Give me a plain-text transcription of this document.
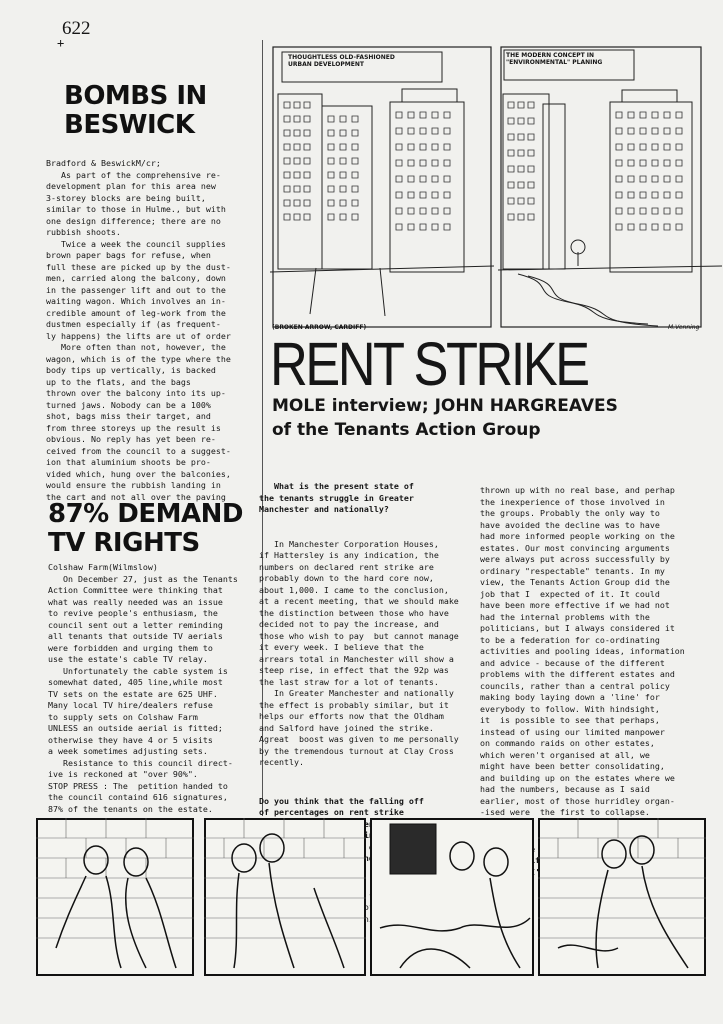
622
+
BOMBS IN
BESWICK
Bradford & BeswickM/cr;
As part of the comprehensive re-
development plan for this area new
3-storey blocks are being built,
similar to those in Hulme., but with
one design difference; there are no
rubbish shoots.
Twice a week the council supplies
brown paper bags for refuse, when
full these are picked up by the dust-
men, carried along the balcony, down
in the passenger lift and out to the
waiting wagon. Which involves an in-
credible amount of leg-work from the
dustmen especially if (as frequent-
ly happens) the lifts are ut of order
More often than not, however, the
wagon, which is of the type where the
body tips up vertically, is backed
up to the flats, and the bags
thrown over the balcony into its up-
turned jaws. Nobody can be a 100%
shot, bags miss their target, and
from three storeys up the result is
obvious. No reply has yet been re-
ceived from the council to a suggest-
ion that aluminium shoots be pro-
vided which, hung over the balconies,
would ensure the rubbish landing in
the cart and not all over the paving
87% DEMAND
TV RIGHTS
Colshaw Farm(Wilmslow)
On December 27, just as the Tenants
Action Committee were thinking that
what was really needed was an issue
to revive people's enthusiasm, the
council sent out a letter reminding
all tenants that outside TV aerials
were forbidden and urging them to
use the estate's cable TV relay.
Unfortunately the cable system is
somewhat dated, 405 line,while most
TV sets on the estate are 625 UHF.
Many local TV hire/dealers refuse
to supply sets on Colshaw Farm
UNLESS an outside aerial is fitted;
otherwise they have 4 or 5 visits
a week sometimes adjusting sets.
Resistance to this council direct-
ive is reckoned at "over 90%".
STOP PRESS : The  petition handed to
the council containd 616 signatures,
87% of the tenants on the estate.
THOUGHTLESS OLD-FASHIONED
URBAN DEVELOPMENT
THE MODERN CONCEPT IN
"ENVIRONMENTAL" PLANING
(BROKEN ARROW, CARDIFF)	M.Venning
RENT STRIKE
MOLE interview; JOHN HARGREAVES
of the Tenants Action Group

What is the present state of
the tenants struggle in Greater
Manchester and nationally?

In Manchester Corporation Houses,
if Hattersley is any indication, the
numbers on declared rent strike are
probably down to the hard core now,
about 1,000. I came to the conclusion,
at a recent meeting, that we should make
the distinction between those who have
decided not to pay the increase, and
those who wish to pay  but cannot manage
it every week. I believe that the
arrears total in Manchester will show a
steep rise, in effect that the 92p was
the last straw for a lot of tenants.
In Greater Manchester and nationally
the effect is probably similar, but it
helps our efforts now that the Oldham
and Salford have joined the strike.
Agreat  boost was given to me personally
by the tremendous turnout at Clay Cross
recently.

Do you think that the falling off
of percentages on rent strike

of

thrown up with no real base, and perhap
the inexperience of those involved in
the groups. Probably the only way to
have avoided the decline was to have
had more informed people working on the
estates. Our most convincing arguments
were always put across successfully by
ordinary "respectable" tenants. In my
view, the Tenants Action Group did the
job that I  expected of it. It could
have been more effective if we had not
had the internal problems with the
politicians, but I always considered it
to be a federation for co-ordinating
activities and pooling ideas, information
and advice - because of the different
problems with the different estates and
councils, rather than a central policy
making body laying down a 'line' for
everybody to follow. With hindsight,
it  is possible to see that perhaps,
instead of using our limited manpower
on commando raids on other estates,
which weren't organised at all, we
might have been better consolidating,
and building up on the estates where we
had the numbers, because as I said
earlier, most of those hurridley organ-
-ised were  the first to collapse.
